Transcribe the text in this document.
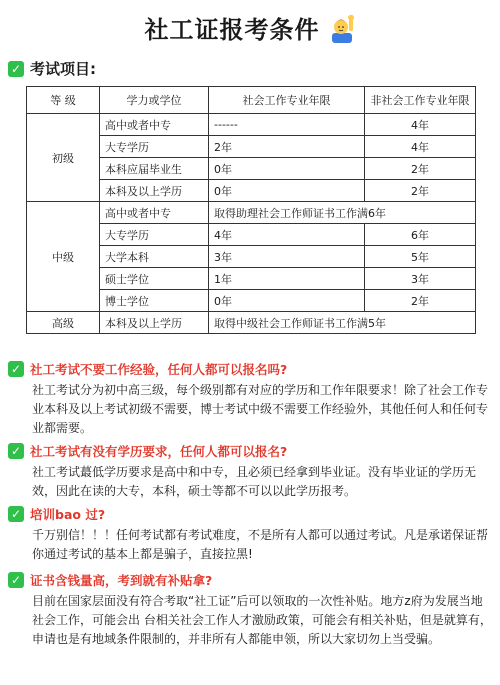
社工证报考条件
✓ 考试项目:
等 级	学力或学位	社会工作专业年限	非社会工作专业年限
初级	高中或者中专	------	4年
	大专学历	2年	4年
	本科应届毕业生	0年	2年
	本科及以上学历	0年	2年
中级	高中或者中专	取得助理社会工作师证书工作满6年	
	大专学历	4年	6年
	大学本科	3年	5年
	硕士学位	1年	3年
	博士学位	0年	2年
高级	本科及以上学历	取得中级社会工作师证书工作满5年	
✓ 社工考试不要工作经验，任何人都可以报名吗?
社工考试分为初中高三级，每个级别都有对应的学历和工作年限要求！除了社会工作专业本科及以上考试初级不需要，博士考试中级不需要工作经验外，其他任何人和任何专 业都需要。
✓ 社工考试有没有学历要求，任何人都可以报名?
社工考试蕞低学历要求是高中和中专，且必须已经拿到毕业证。没有毕业证的学历无效，因此在读的大专，本科，硕士等都不可以以此学历报考。
✓ 培训bao 过?
千万别信！！！任何考试都有考试难度，不是所有人都可以通过考试。凡是承诺保证帮你通过考试的基本上都是骗子，直接拉黑!
✓ 证书含钱量高，考到就有补贴拿?
目前在国家层面没有符合考取“社工证”后可以领取的一次性补贴。地方z府为发展当地社会工作，可能会出 台相关社会工作人才激励政策，可能会有相关补贴，但是就算有，申请也是有地域条件限制的，并非所有人都能申领，所以大家切勿上当受骗。
